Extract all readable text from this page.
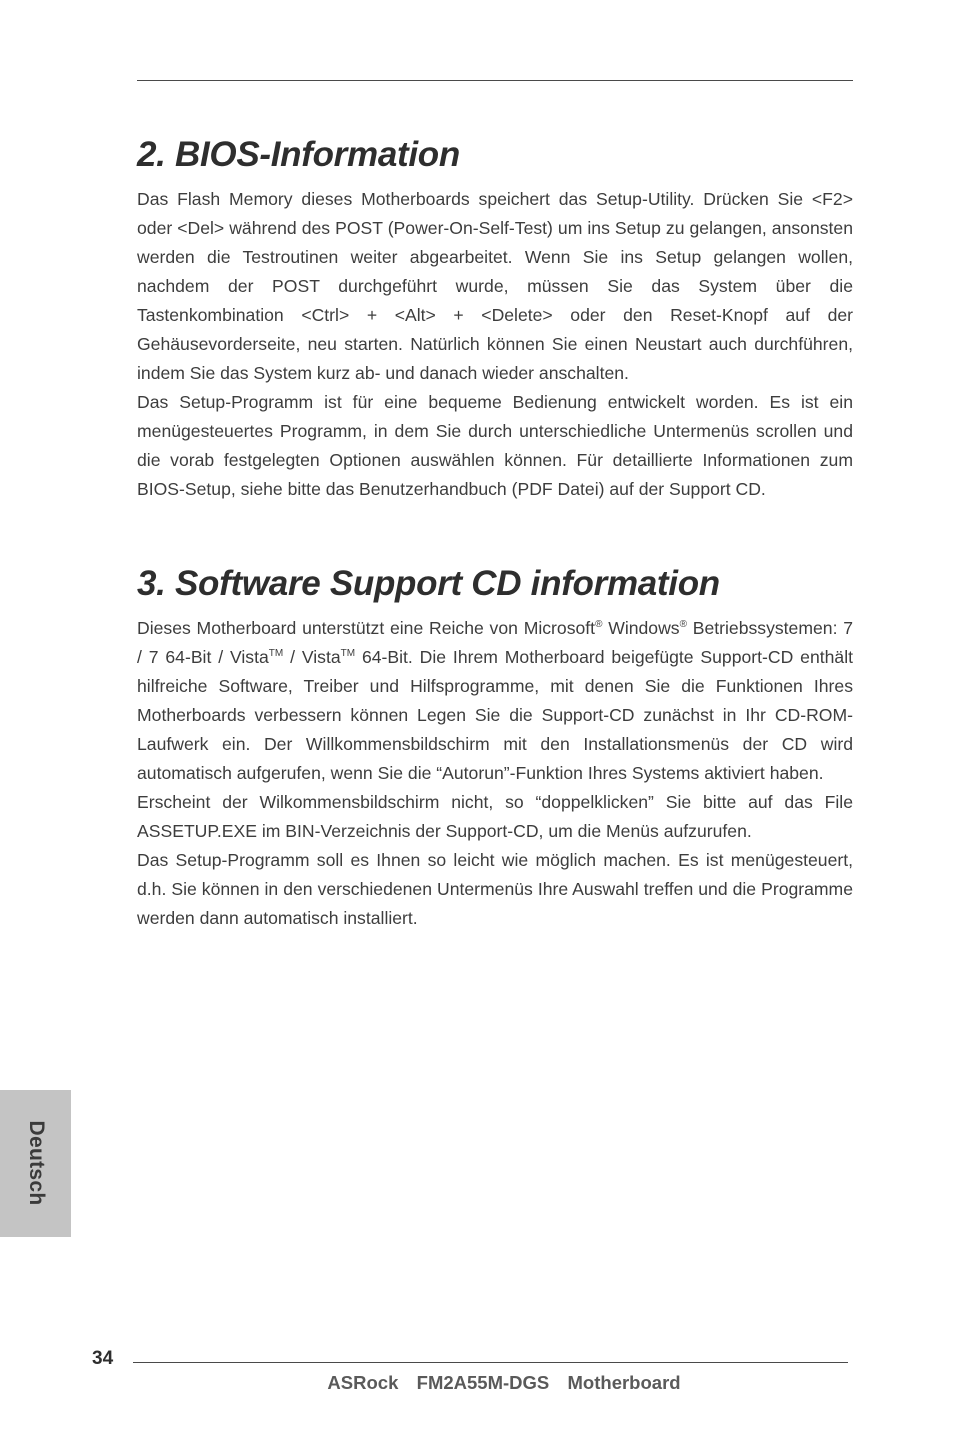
2. BIOS-Information

Das Flash Memory dieses Motherboards speichert das Setup-Utility. Drücken Sie <F2> oder <Del> während des POST (Power-On-Self-Test) um ins Setup zu gelangen, ansonsten werden die Testroutinen weiter abgearbeitet. Wenn Sie ins Setup gelangen wollen, nachdem der POST durchgeführt wurde, müssen Sie das System über die Tastenkombination <Ctrl> + <Alt> + <Delete> oder den Reset-Knopf auf der Gehäusevorderseite, neu starten. Natürlich können Sie einen Neustart auch durchführen, indem Sie das System kurz ab- und danach wieder anschalten.

Das Setup-Programm ist für eine bequeme Bedienung entwickelt worden. Es ist ein menügesteuertes Programm, in dem Sie durch unterschiedliche Untermenüs scrollen und die vorab festgelegten Optionen auswählen können. Für detaillierte Informationen zum BIOS-Setup, siehe bitte das Benutzerhandbuch (PDF Datei) auf der Support CD.

3. Software Support CD information

Dieses Motherboard unterstützt eine Reiche von Microsoft® Windows® Betriebssystemen: 7 / 7 64-Bit / Vista™ / Vista™ 64-Bit. Die Ihrem Motherboard beigefügte Support-CD enthält hilfreiche Software, Treiber und Hilfsprogramme, mit denen Sie die Funktionen Ihres Motherboards verbessern können Legen Sie die Support-CD zunächst in Ihr CD-ROM-Laufwerk ein. Der Willkommensbildschirm mit den Installationsmenüs der CD wird automatisch aufgerufen, wenn Sie die “Autorun”-Funktion Ihres Systems aktiviert haben.

Erscheint der Wilkommensbildschirm nicht, so “doppelklicken” Sie bitte auf das File ASSETUP.EXE im BIN-Verzeichnis der Support-CD, um die Menüs aufzurufen.

Das Setup-Programm soll es Ihnen so leicht wie möglich machen. Es ist menügesteuert, d.h. Sie können in den verschiedenen Untermenüs Ihre Auswahl treffen und die Programme werden dann automatisch installiert.

Deutsch
34
ASRock  FM2A55M-DGS  Motherboard
